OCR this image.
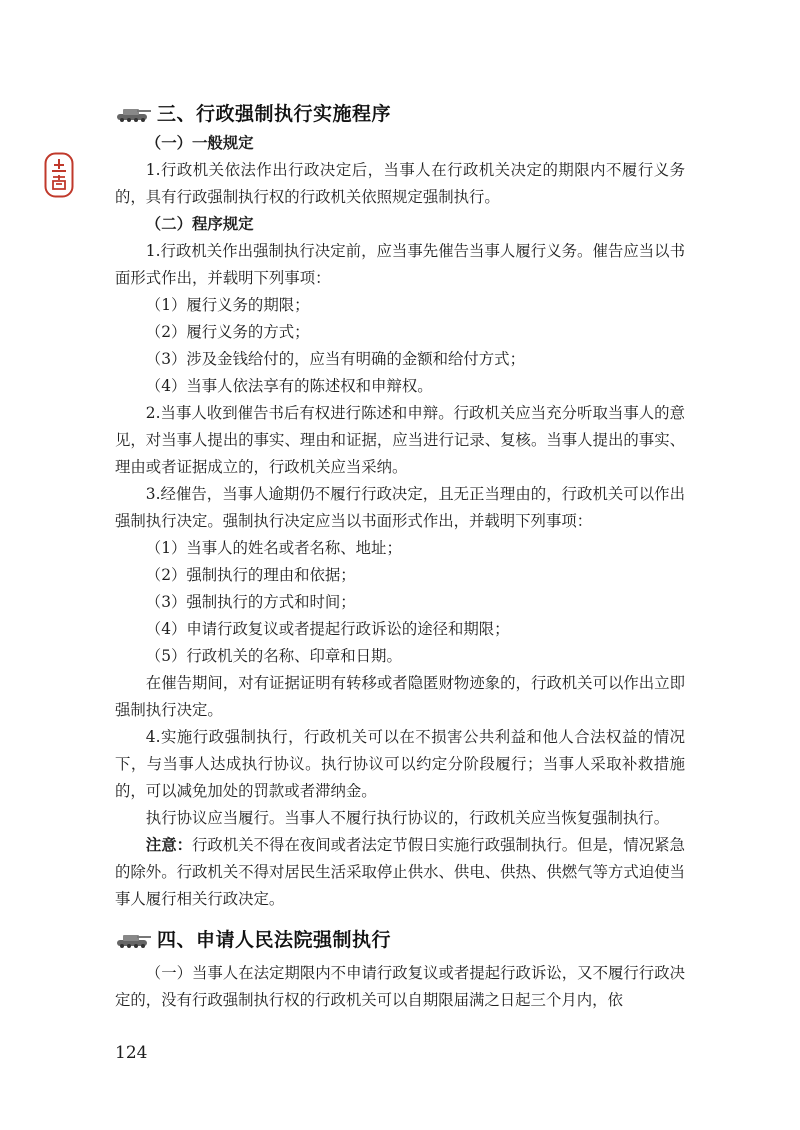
三、行政强制执行实施程序

（一）一般规定

1.行政机关依法作出行政决定后，当事人在行政机关决定的期限内不履行义务的，具有行政强制执行权的行政机关依照规定强制执行。

（二）程序规定

1.行政机关作出强制执行决定前，应当事先催告当事人履行义务。催告应当以书面形式作出，并载明下列事项：

（1）履行义务的期限；

（2）履行义务的方式；

（3）涉及金钱给付的，应当有明确的金额和给付方式；

（4）当事人依法享有的陈述权和申辩权。

2.当事人收到催告书后有权进行陈述和申辩。行政机关应当充分听取当事人的意见，对当事人提出的事实、理由和证据，应当进行记录、复核。当事人提出的事实、理由或者证据成立的，行政机关应当采纳。

3.经催告，当事人逾期仍不履行行政决定，且无正当理由的，行政机关可以作出强制执行决定。强制执行决定应当以书面形式作出，并载明下列事项：

（1）当事人的姓名或者名称、地址；

（2）强制执行的理由和依据；

（3）强制执行的方式和时间；

（4）申请行政复议或者提起行政诉讼的途径和期限；

（5）行政机关的名称、印章和日期。

在催告期间，对有证据证明有转移或者隐匿财物迹象的，行政机关可以作出立即强制执行决定。

4.实施行政强制执行，行政机关可以在不损害公共利益和他人合法权益的情况下，与当事人达成执行协议。执行协议可以约定分阶段履行；当事人采取补救措施的，可以减免加处的罚款或者滞纳金。

执行协议应当履行。当事人不履行执行协议的，行政机关应当恢复强制执行。

注意：行政机关不得在夜间或者法定节假日实施行政强制执行。但是，情况紧急的除外。行政机关不得对居民生活采取停止供水、供电、供热、供燃气等方式迫使当事人履行相关行政决定。

四、申请人民法院强制执行

（一）当事人在法定期限内不申请行政复议或者提起行政诉讼，又不履行行政决定的，没有行政强制执行权的行政机关可以自期限届满之日起三个月内，依

124
